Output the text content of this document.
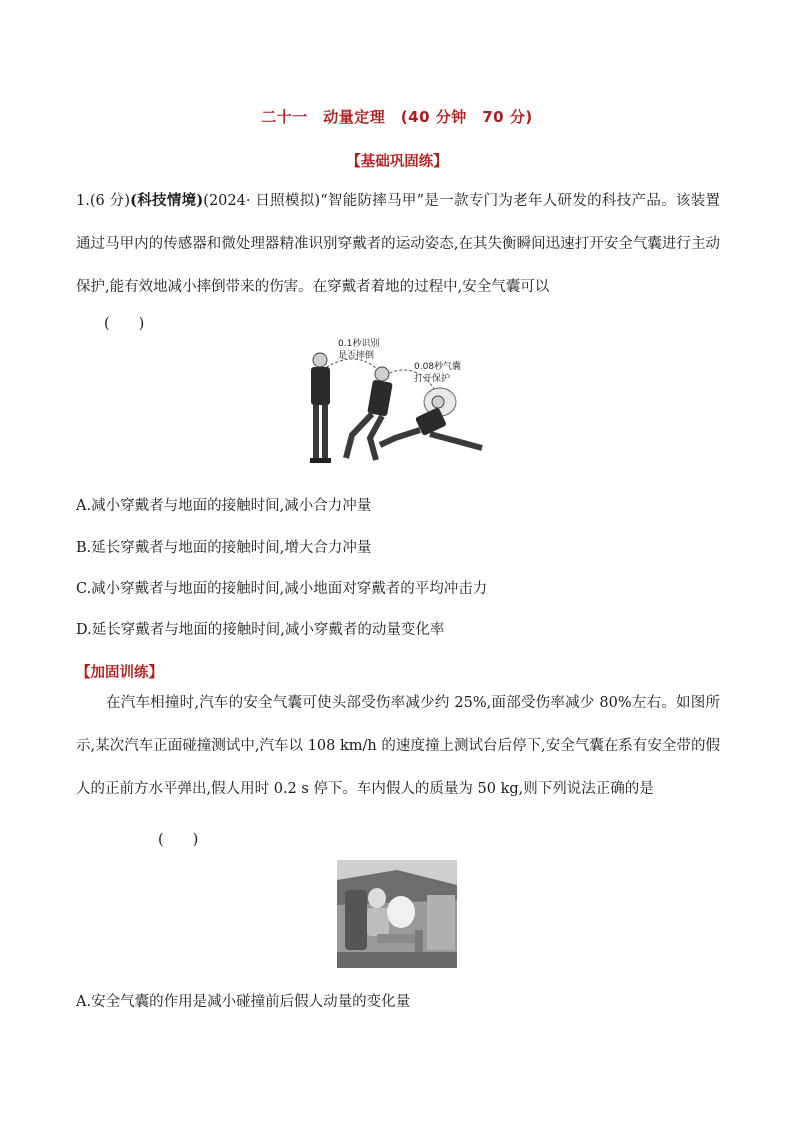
二十一　动量定理　(40 分钟　70 分)
【基础巩固练】

1.(6 分)(科技情境)(2024· 日照模拟)“智能防摔马甲”是一款专门为老年人研发的科技产品。该装置通过马甲内的传感器和微处理器精准识别穿戴者的运动姿态,在其失衡瞬间迅速打开安全气囊进行主动保护,能有效地减小摔倒带来的伤害。在穿戴者着地的过程中,安全气囊可以

(　　)
0.1秒识别
是否摔倒
0.08秒气囊
打开保护
A.减小穿戴者与地面的接触时间,减小合力冲量
B.延长穿戴者与地面的接触时间,增大合力冲量
C.减小穿戴者与地面的接触时间,减小地面对穿戴者的平均冲击力
D.延长穿戴者与地面的接触时间,减小穿戴者的动量变化率
【加固训练】

在汽车相撞时,汽车的安全气囊可使头部受伤率减少约 25%,面部受伤率减少 80%左右。如图所示,某次汽车正面碰撞测试中,汽车以 108 km/h 的速度撞上测试台后停下,安全气囊在系有安全带的假人的正前方水平弹出,假人用时 0.2 s 停下。车内假人的质量为 50 kg,则下列说法正确的是

(　　)
A.安全气囊的作用是减小碰撞前后假人动量的变化量
